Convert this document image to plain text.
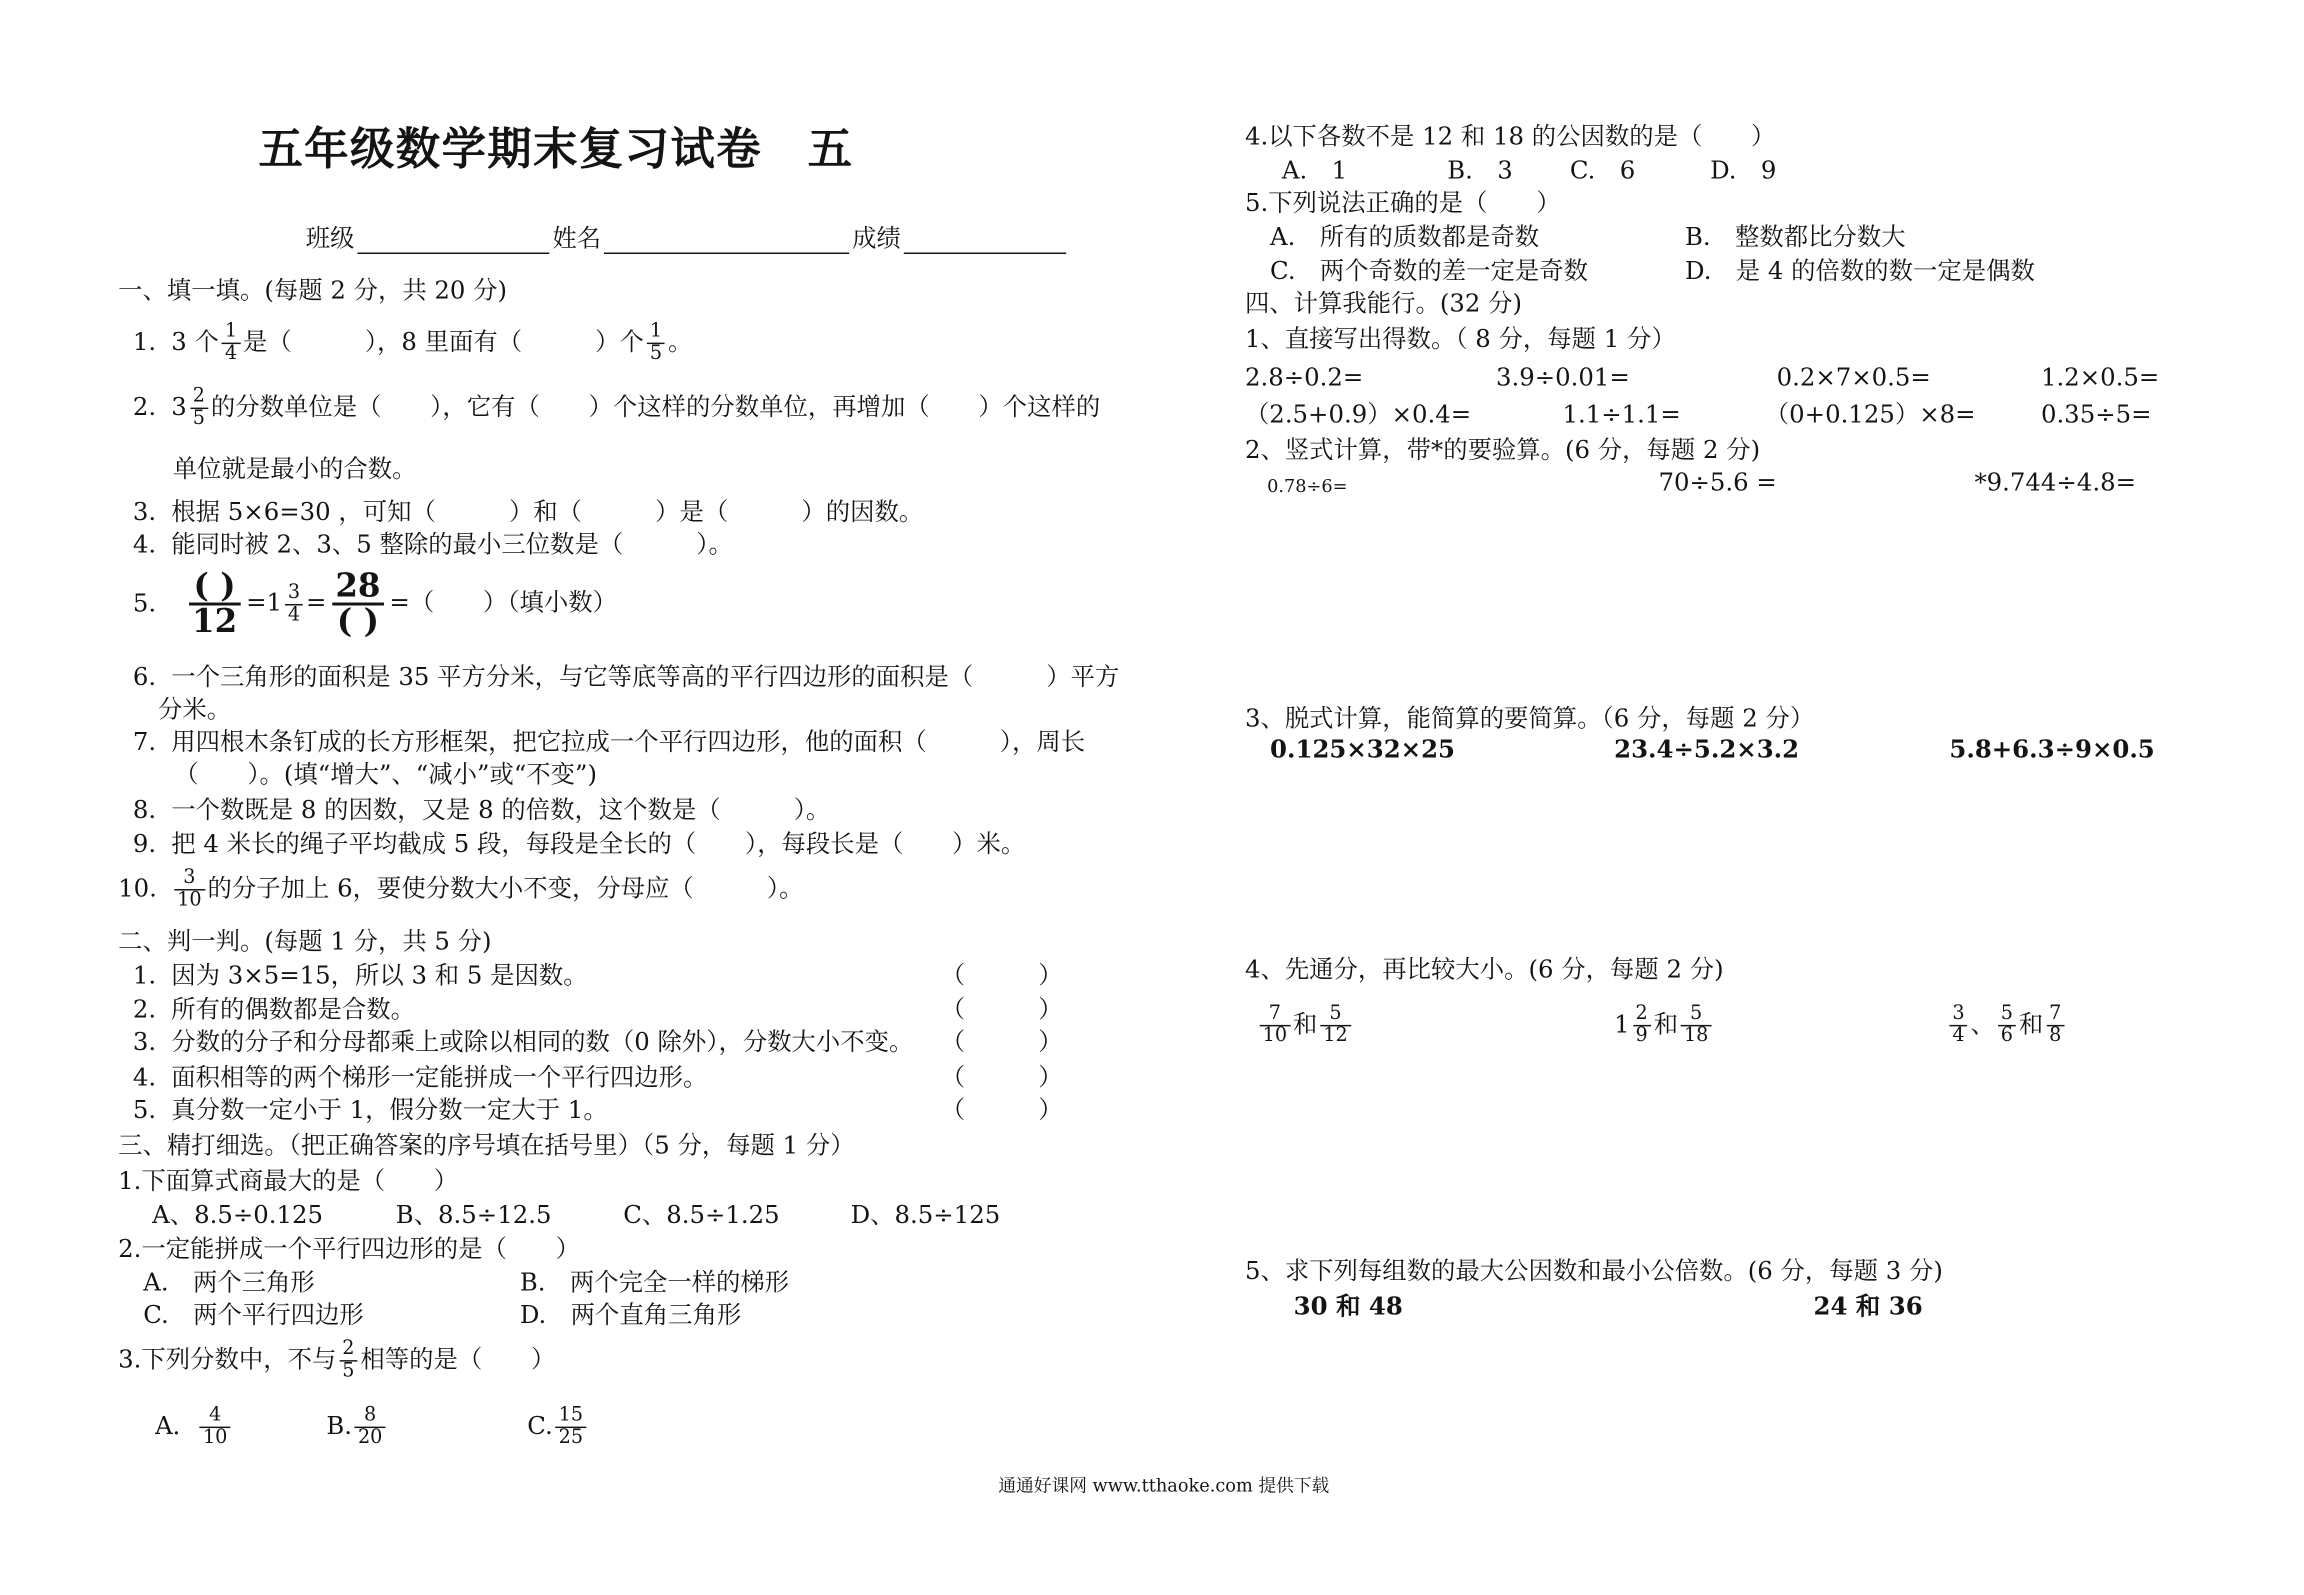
五年级数学期末复习试卷　五
班级	姓名	成绩
一、填一填。(每题 2 分，共 20 分)
1. 3 个 $\frac{1}{4}$ 是（　　　），8 里面有（　　　）个 $\frac{1}{5}$ 。
2. $3 \frac{2}{5}$ 的分数单位是（　　），它有（　　）个这样的分数单位，再增加（　　）个这样的
单位就是最小的合数。
3. 根据 5×6=30 ，可知（　　　）和（　　　）是（　　　）的因数。
4. 能同时被 2、3、5 整除的最小三位数是（　　　）。
5. $\frac{( )}{12} =1 \frac{3}{4} = \frac{28}{( )}$ =（　　）（填小数）
6. 一个三角形的面积是 35 平方分米，与它等底等高的平行四边形的面积是（　　　）平方
分米。
7. 用四根木条钉成的长方形框架，把它拉成一个平行四边形，他的面积（　　　），周长
（　　）。(填“增大”、“减小”或“不变”)
8. 一个数既是 8 的因数，又是 8 的倍数，这个数是（　　　）。
9. 把 4 米长的绳子平均截成 5 段，每段是全长的（　　），每段长是（　　）米。
10. $\frac{3}{10}$ 的分子加上 6，要使分数大小不变，分母应（　　　）。
二、判一判。(每题 1 分，共 5 分)
1. 因为 3×5=15，所以 3 和 5 是因数。	（　　　）
2. 所有的偶数都是合数。	（　　　）
3. 分数的分子和分母都乘上或除以相同的数（0 除外），分数大小不变。 （　　　）
4. 面积相等的两个梯形一定能拼成一个平行四边形。	（　　　）
5. 真分数一定小于 1，假分数一定大于 1。	（　　　）
三、精打细选。（把正确答案的序号填在括号里）（5 分，每题 1 分）
1.下面算式商最大的是（　　）
A、8.5÷0.125	B、8.5÷12.5	C、8.5÷1.25	D、8.5÷125
2.一定能拼成一个平行四边形的是（　　）
A.　两个三角形	B.　两个完全一样的梯形
C.　两个平行四边形	D.　两个直角三角形
3.下列分数中，不与 $\frac{2}{5}$ 相等的是（　　）
A． $\frac{4}{10}$	B. $\frac{8}{20}$	C. $\frac{15}{25}$
4.以下各数不是 12 和 18 的公因数的是（　　）
A.　1	B.　3	C.　6	D.　9
5.下列说法正确的是（　　）
A.　所有的质数都是奇数	B.　整数都比分数大
C.　两个奇数的差一定是奇数	D.　是 4 的倍数的数一定是偶数
四、计算我能行。(32 分)
1、直接写出得数。（ 8 分，每题 1 分）
2.8÷0.2=	3.9÷0.01=	0.2×7×0.5=	1.2×0.5=
（2.5+0.9）×0.4=	1.1÷1.1=	（0+0.125）×8=	0.35÷5=
2、竖式计算，带*的要验算。(6 分，每题 2 分)
0.78÷6=	70÷5.6 =	*9.744÷4.8=
3、脱式计算，能简算的要简算。（6 分，每题 2 分）
0.125×32×25	23.4÷5.2×3.2	5.8+6.3÷9×0.5
4、先通分，再比较大小。(6 分，每题 2 分)
$\frac{7}{10}$ 和 $\frac{5}{12}$	$1 \frac{2}{9}$ 和 $\frac{5}{18}$	$\frac{3}{4}$ 、 $\frac{5}{6}$ 和 $\frac{7}{8}$
5、求下列每组数的最大公因数和最小公倍数。(6 分，每题 3 分)
30 和 48	24 和 36
通通好课网 www.tthaoke.com 提供下载
